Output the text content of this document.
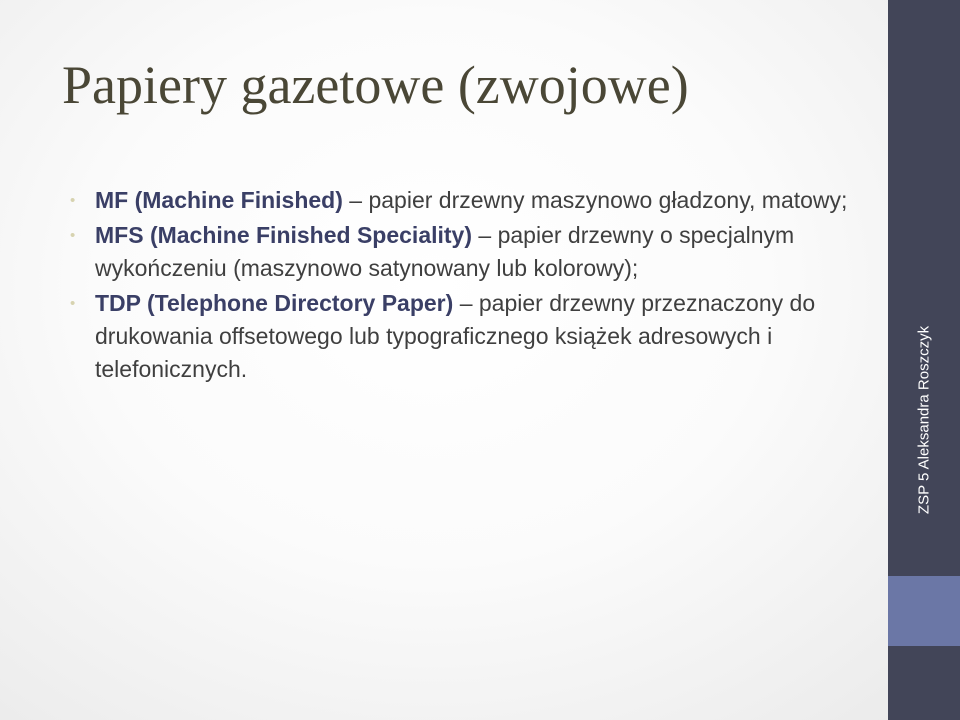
Papiery gazetowe (zwojowe)
• MF (Machine Finished) – papier drzewny maszynowo gładzony, matowy;
• MFS (Machine Finished Speciality) – papier drzewny o specjalnym wykończeniu (maszynowo satynowany lub kolorowy);
• TDP (Telephone Directory Paper) – papier drzewny przeznaczony do drukowania offsetowego lub typograficznego książek adresowych i telefonicznych.	ZSP 5 Aleksandra Roszczyk
